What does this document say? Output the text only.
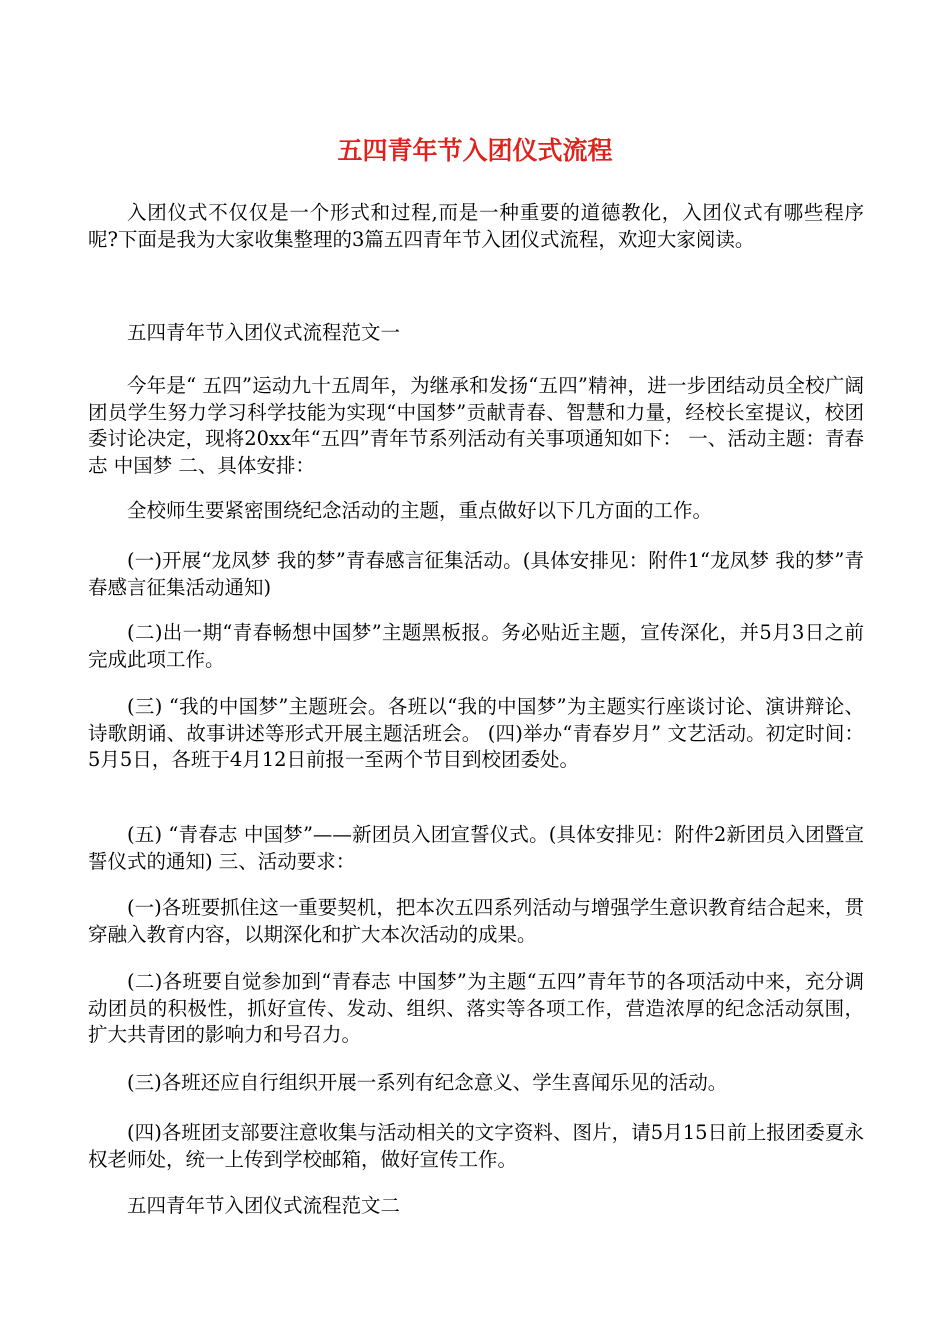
五四青年节入团仪式流程

入团仪式不仅仅是一个形式和过程,而是一种重要的道德教化，入团仪式有哪些程序呢?下面是我为大家收集整理的3篇五四青年节入团仪式流程，欢迎大家阅读。

五四青年节入团仪式流程范文一

今年是“ 五四”运动九十五周年，为继承和发扬“五四”精神，进一步团结动员全校广阔团员学生努力学习科学技能为实现“中国梦”贡献青春、智慧和力量，经校长室提议，校团委讨论决定，现将20xx年“五四”青年节系列活动有关事项通知如下： 一、活动主题：青春志 中国梦 二、具体安排：

全校师生要紧密围绕纪念活动的主题，重点做好以下几方面的工作。

(一)开展“龙凤梦 我的梦”青春感言征集活动。(具体安排见：附件1“龙凤梦 我的梦”青春感言征集活动通知)

(二)出一期“青春畅想中国梦”主题黑板报。务必贴近主题，宣传深化，并5月3日之前完成此项工作。

(三) “我的中国梦”主题班会。各班以“我的中国梦”为主题实行座谈讨论、演讲辩论、诗歌朗诵、故事讲述等形式开展主题活班会。 (四)举办“青春岁月” 文艺活动。初定时间：5月5日，各班于4月12日前报一至两个节目到校团委处。

(五) “青春志 中国梦”——新团员入团宣誓仪式。(具体安排见：附件2新团员入团暨宣誓仪式的通知) 三、活动要求：

(一)各班要抓住这一重要契机，把本次五四系列活动与增强学生意识教育结合起来，贯穿融入教育内容，以期深化和扩大本次活动的成果。

(二)各班要自觉参加到“青春志 中国梦”为主题“五四”青年节的各项活动中来，充分调动团员的积极性，抓好宣传、发动、组织、落实等各项工作，营造浓厚的纪念活动氛围，扩大共青团的影响力和号召力。

(三)各班还应自行组织开展一系列有纪念意义、学生喜闻乐见的活动。

(四)各班团支部要注意收集与活动相关的文字资料、图片，请5月15日前上报团委夏永权老师处，统一上传到学校邮箱，做好宣传工作。

五四青年节入团仪式流程范文二
